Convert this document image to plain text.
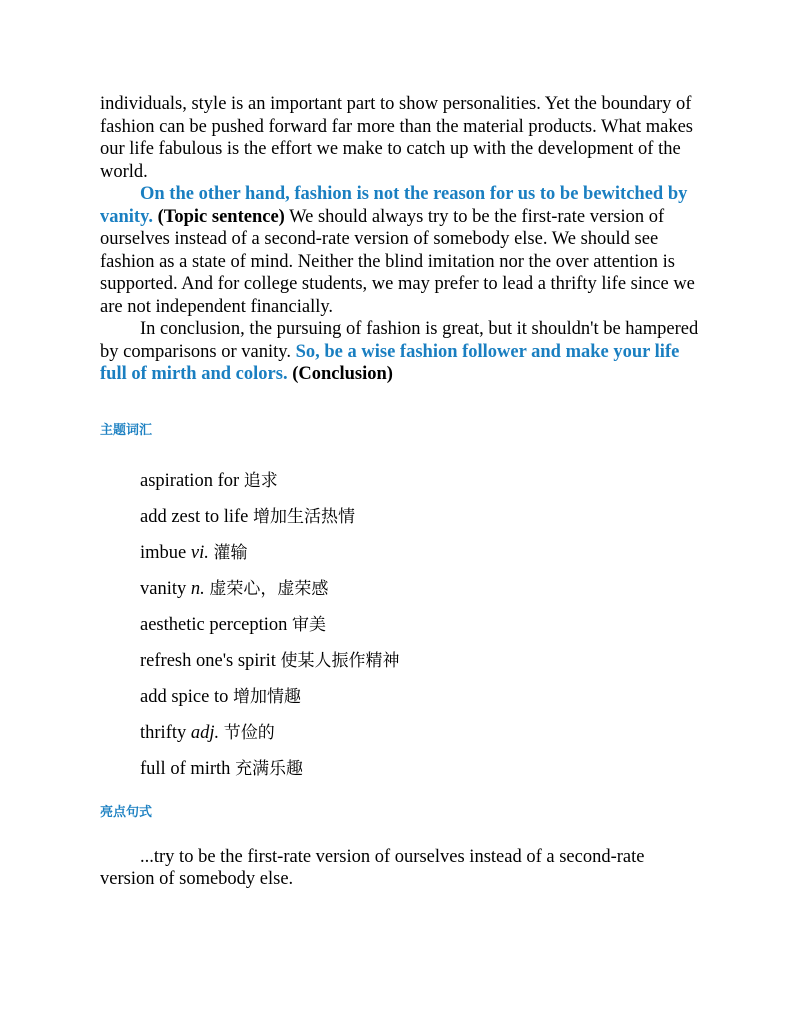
individuals, style is an important part to show personalities. Yet the boundary of fashion can be pushed forward far more than the material products. What makes our life fabulous is the effort we make to catch up with the development of the world.

On the other hand, fashion is not the reason for us to be bewitched by vanity. (Topic sentence) We should always try to be the first-rate version of ourselves instead of a second-rate version of somebody else. We should see fashion as a state of mind. Neither the blind imitation nor the over attention is supported. And for college students, we may prefer to lead a thrifty life since we are not independent financially.

In conclusion, the pursuing of fashion is great, but it shouldn't be hampered by comparisons or vanity. So, be a wise fashion follower and make your life full of mirth and colors. (Conclusion)

主题词汇
aspiration for 追求
add zest to life 增加生活热情
imbue vi. 灌输
vanity n. 虚荣心，虚荣感
aesthetic perception 审美
refresh one's spirit 使某人振作精神
add spice to 增加情趣
thrifty adj. 节俭的
full of mirth 充满乐趣
亮点句式

...try to be the first-rate version of ourselves instead of a second-rate version of somebody else.
